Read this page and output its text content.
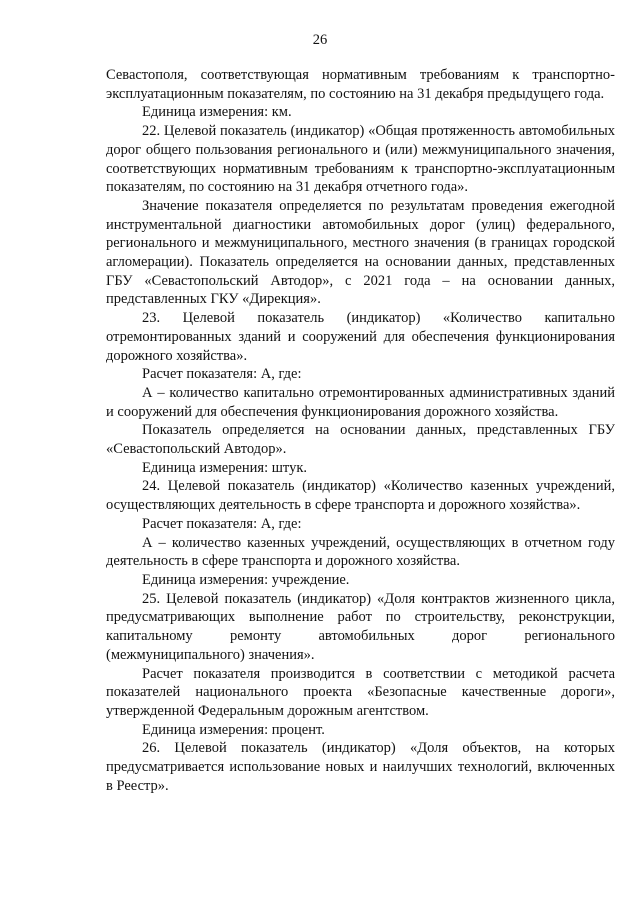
26

Севастополя, соответствующая нормативным требованиям к транспортно-эксплуатационным показателям, по состоянию на 31 декабря предыдущего года.

Единица измерения: км.

22. Целевой показатель (индикатор) «Общая протяженность автомобильных дорог общего пользования регионального и (или) межмуниципального значения, соответствующих нормативным требованиям к транспортно-эксплуатационным показателям, по состоянию на 31 декабря отчетного года».

Значение показателя определяется по результатам проведения ежегодной инструментальной диагностики автомобильных дорог (улиц) федерального, регионального и межмуниципального, местного значения (в границах городской агломерации). Показатель определяется на основании данных, представленных ГБУ «Севастопольский Автодор», с 2021 года – на основании данных, представленных ГКУ «Дирекция».

23. Целевой показатель (индикатор) «Количество капитально отремонтированных зданий и сооружений для обеспечения функционирования дорожного хозяйства».

Расчет показателя: А, где:

А – количество капитально отремонтированных административных зданий и сооружений для обеспечения функционирования дорожного хозяйства.

Показатель определяется на основании данных, представленных ГБУ «Севастопольский Автодор».

Единица измерения: штук.

24. Целевой показатель (индикатор) «Количество казенных учреждений, осуществляющих деятельность в сфере транспорта и дорожного хозяйства».

Расчет показателя: А, где:

А – количество казенных учреждений, осуществляющих в отчетном году деятельность в сфере транспорта и дорожного хозяйства.

Единица измерения: учреждение.

25. Целевой показатель (индикатор) «Доля контрактов жизненного цикла, предусматривающих выполнение работ по строительству, реконструкции, капитальному ремонту автомобильных дорог регионального (межмуниципального) значения».

Расчет показателя производится в соответствии с методикой расчета показателей национального проекта «Безопасные качественные дороги», утвержденной Федеральным дорожным агентством.

Единица измерения: процент.

26. Целевой показатель (индикатор) «Доля объектов, на которых предусматривается использование новых и наилучших технологий, включенных в Реестр».
